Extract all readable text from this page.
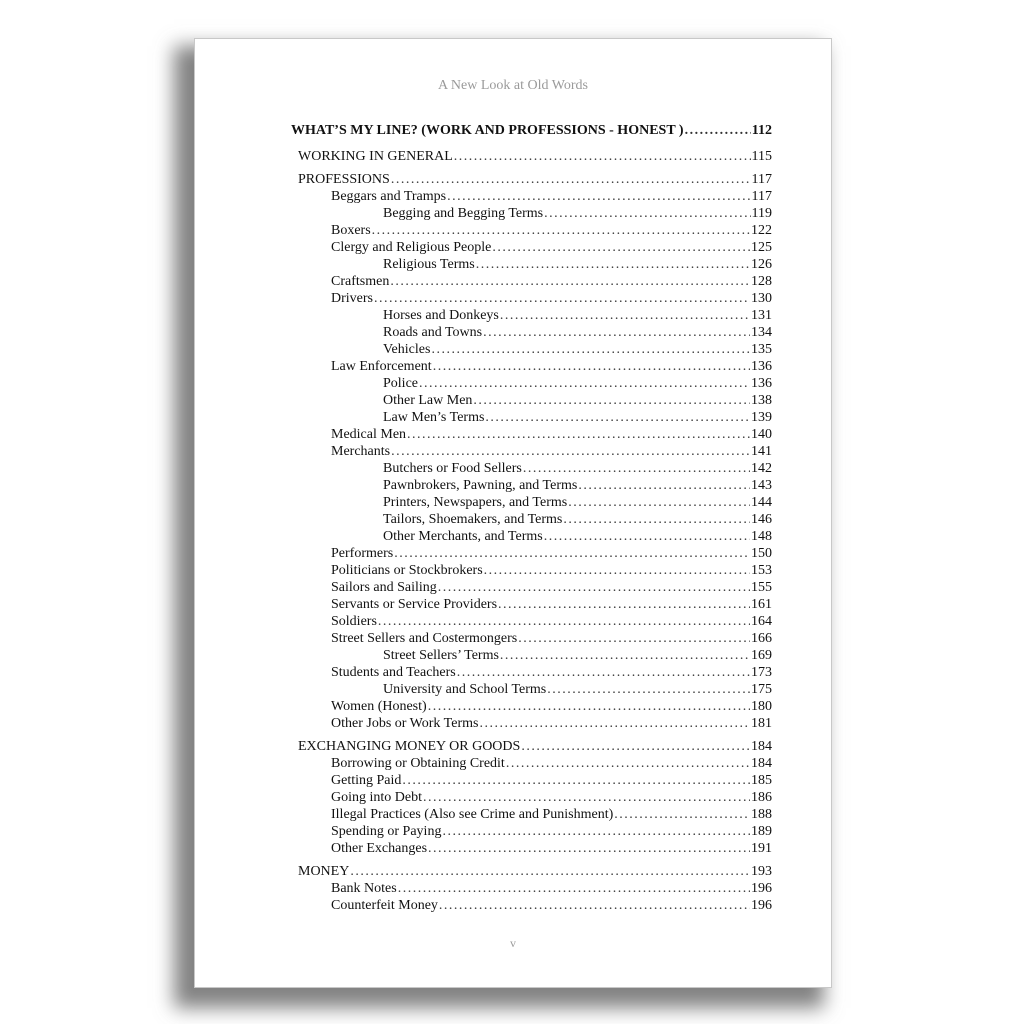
A New Look at Old Words
WHAT’S MY LINE? (WORK AND PROFESSIONS - HONEST ) .....	112
WORKING IN GENERAL .....	115
PROFESSIONS .....	117
Beggars and Tramps .....	117
Begging and Begging Terms .....	119
Boxers .....	122
Clergy and Religious People .....	125
Religious Terms .....	126
Craftsmen .....	128
Drivers .....	130
Horses and Donkeys .....	131
Roads and Towns .....	134
Vehicles .....	135
Law Enforcement .....	136
Police .....	136
Other Law Men .....	138
Law Men’s Terms .....	139
Medical Men .....	140
Merchants .....	141
Butchers or Food Sellers .....	142
Pawnbrokers, Pawning, and Terms .....	143
Printers, Newspapers, and Terms .....	144
Tailors, Shoemakers, and Terms .....	146
Other Merchants, and Terms .....	148
Performers .....	150
Politicians or Stockbrokers .....	153
Sailors and Sailing .....	155
Servants or Service Providers .....	161
Soldiers .....	164
Street Sellers and Costermongers .....	166
Street Sellers’ Terms .....	169
Students and Teachers .....	173
University and School Terms .....	175
Women (Honest) .....	180
Other Jobs or Work Terms .....	181
EXCHANGING MONEY OR GOODS .....	184
Borrowing or Obtaining Credit .....	184
Getting Paid .....	185
Going into Debt .....	186
Illegal Practices (Also see Crime and Punishment) .....	188
Spending or Paying .....	189
Other Exchanges .....	191
MONEY .....	193
Bank Notes .....	196
Counterfeit Money .....	196
v
